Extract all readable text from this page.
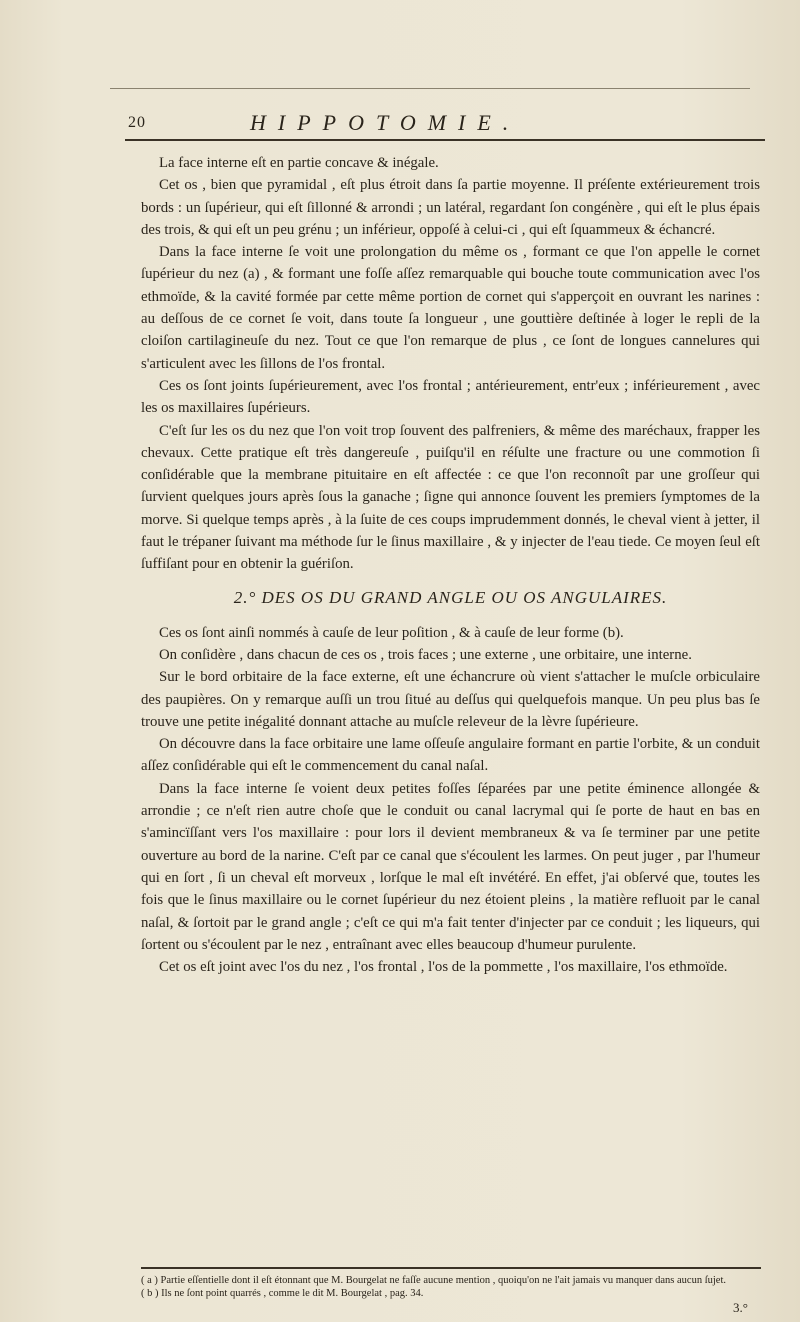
20	HIPPOTOMIE.

La face interne eſt en partie concave & inégale.

Cet os , bien que pyramidal , eſt plus étroit dans ſa partie moyenne. Il préſente extérieurement trois bords : un ſupérieur, qui eſt ſillonné & arrondi ; un latéral, regardant ſon congénère , qui eſt le plus épais des trois, & qui eſt un peu grénu ; un inférieur, oppoſé à celui-ci , qui eſt ſquammeux & échancré.

Dans la face interne ſe voit une prolongation du même os , formant ce que l'on appelle le cornet ſupérieur du nez (a) , & formant une foſſe aſſez remarquable qui bouche toute communication avec l'os ethmoïde, & la cavité formée par cette même portion de cornet qui s'apperçoit en ouvrant les narines : au deſſous de ce cornet ſe voit, dans toute ſa longueur , une gouttière deſtinée à loger le repli de la cloiſon cartilagineuſe du nez. Tout ce que l'on remarque de plus , ce ſont de longues cannelures qui s'articulent avec les ſillons de l'os frontal.

Ces os ſont joints ſupérieurement, avec l'os frontal ; antérieurement, entr'eux ; inférieurement , avec les os maxillaires ſupérieurs.

C'eſt ſur les os du nez que l'on voit trop ſouvent des palfreniers, & même des maréchaux, frapper les chevaux. Cette pratique eſt très dangereuſe , puiſqu'il en réſulte une fracture ou une commotion ſi conſidérable que la membrane pituitaire en eſt affectée : ce que l'on reconnoît par une groſſeur qui ſurvient quelques jours après ſous la ganache ; ſigne qui annonce ſouvent les premiers ſymptomes de la morve. Si quelque temps après , à la ſuite de ces coups imprudemment donnés, le cheval vient à jetter, il faut le trépaner ſuivant ma méthode ſur le ſinus maxillaire , & y injecter de l'eau tiede. Ce moyen ſeul eſt ſuffiſant pour en obtenir la guériſon.

2.° DES OS DU GRAND ANGLE OU OS ANGULAIRES.

Ces os ſont ainſi nommés à cauſe de leur poſition , & à cauſe de leur forme (b).

On conſidère , dans chacun de ces os , trois faces ; une externe , une orbitaire, une interne.

Sur le bord orbitaire de la face externe, eſt une échancrure où vient s'attacher le muſcle orbiculaire des paupières. On y remarque auſſi un trou ſitué au deſſus qui quelquefois manque. Un peu plus bas ſe trouve une petite inégalité donnant attache au muſcle releveur de la lèvre ſupérieure.

On découvre dans la face orbitaire une lame oſſeuſe angulaire formant en partie l'orbite, & un conduit aſſez conſidérable qui eſt le commencement du canal naſal.

Dans la face interne ſe voient deux petites foſſes ſéparées par une petite éminence allongée & arrondie ; ce n'eſt rien autre choſe que le conduit ou canal lacrymal qui ſe porte de haut en bas en s'amincïſſant vers l'os maxillaire : pour lors il devient membraneux & va ſe terminer par une petite ouverture au bord de la narine. C'eſt par ce canal que s'écoulent les larmes. On peut juger , par l'humeur qui en ſort , ſi un cheval eſt morveux , lorſque le mal eſt invétéré. En effet, j'ai obſervé que, toutes les fois que le ſinus maxillaire ou le cornet ſupérieur du nez étoient pleins , la matière refluoit par le canal naſal, & ſortoit par le grand angle ; c'eſt ce qui m'a fait tenter d'injecter par ce conduit ; les liqueurs, qui ſortent ou s'écoulent par le nez , entraînant avec elles beaucoup d'humeur purulente.

Cet os eſt joint avec l'os du nez , l'os frontal , l'os de la pommette , l'os maxillaire, l'os ethmoïde.

( a ) Partie eſſentielle dont il eſt étonnant que M. Bourgelat ne faſſe aucune mention , quoiqu'on ne l'ait jamais vu manquer dans aucun ſujet.
( b ) Ils ne ſont point quarrés , comme le dit M. Bourgelat , pag. 34.
3.°
